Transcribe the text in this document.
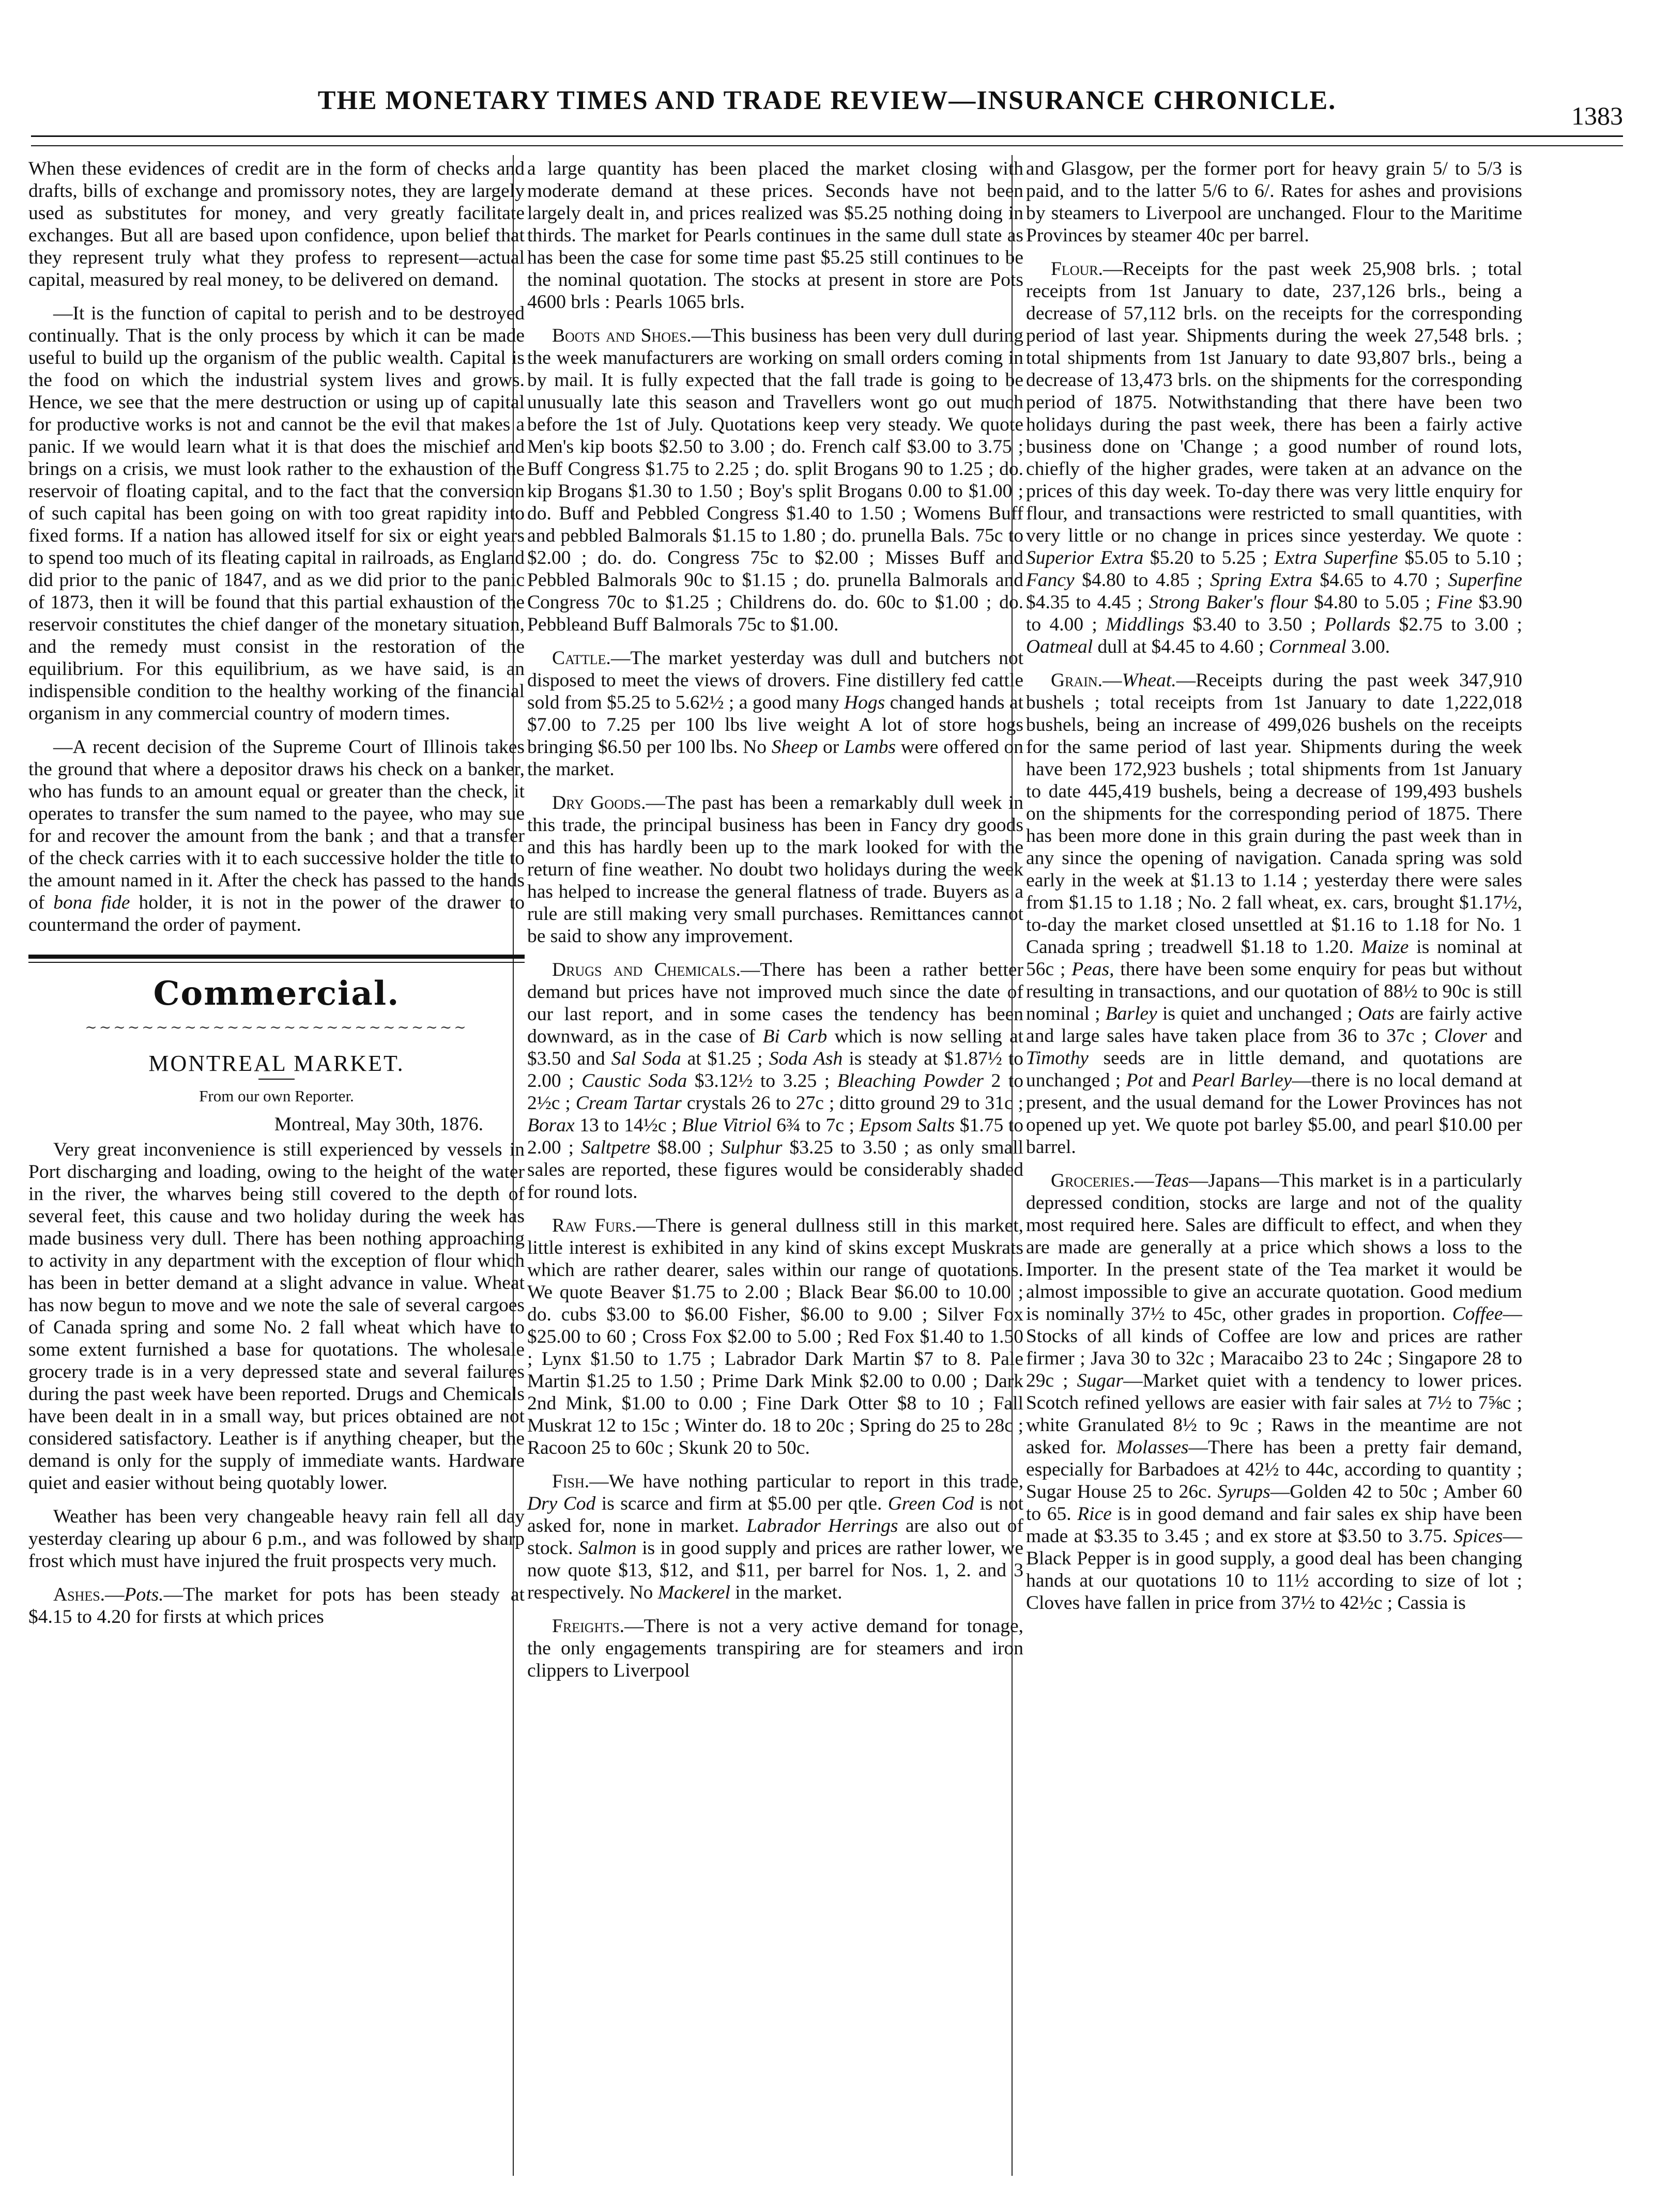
THE MONETARY TIMES AND TRADE REVIEW—INSURANCE CHRONICLE.
1383

When these evidences of credit are in the form of checks and drafts, bills of exchange and promissory notes, they are largely used as substitutes for money, and very greatly facilitate exchanges. But all are based upon confidence, upon belief that they represent truly what they profess to represent—actual capital, measured by real money, to be delivered on demand.

—It is the function of capital to perish and to be destroyed continually. That is the only process by which it can be made useful to build up the organism of the public wealth. Capital is the food on which the industrial system lives and grows. Hence, we see that the mere destruction or using up of capital for productive works is not and cannot be the evil that makes a panic. If we would learn what it is that does the mischief and brings on a crisis, we must look rather to the exhaustion of the reservoir of floating capital, and to the fact that the conversion of such capital has been going on with too great rapidity into fixed forms. If a nation has allowed itself for six or eight years to spend too much of its fleating capital in railroads, as England did prior to the panic of 1847, and as we did prior to the panic of 1873, then it will be found that this partial exhaustion of the reservoir constitutes the chief danger of the monetary situation, and the remedy must consist in the restoration of the equilibrium. For this equilibrium, as we have said, is an indispensible condition to the healthy working of the financial organism in any commercial country of modern times.

—A recent decision of the Supreme Court of Illinois takes the ground that where a depositor draws his check on a banker, who has funds to an amount equal or greater than the check, it operates to transfer the sum named to the payee, who may sue for and recover the amount from the bank ; and that a transfer of the check carries with it to each successive holder the title to the amount named in it. After the check has passed to the hands of bona fide holder, it is not in the power of the drawer to countermand the order of payment.

Commercial.
∼∼∼∼∼∼∼∼∼∼∼∼∼∼∼∼∼∼∼∼∼∼∼∼∼∼∼
MONTREAL MARKET.
From our own Reporter.
Montreal, May 30th, 1876.

Very great inconvenience is still experienced by vessels in Port discharging and loading, owing to the height of the water in the river, the wharves being still covered to the depth of several feet, this cause and two holiday during the week has made business very dull. There has been nothing approaching to activity in any department with the exception of flour which has been in better demand at a slight advance in value. Wheat has now begun to move and we note the sale of several cargoes of Canada spring and some No. 2 fall wheat which have to some extent furnished a base for quotations. The wholesale grocery trade is in a very depressed state and several failures during the past week have been reported. Drugs and Chemicals have been dealt in in a small way, but prices obtained are not considered satisfactory. Leather is if anything cheaper, but the demand is only for the supply of immediate wants. Hardware quiet and easier without being quotably lower.

Weather has been very changeable heavy rain fell all day yesterday clearing up abour 6 p.m., and was followed by sharp frost which must have injured the fruit prospects very much.

Ashes.—Pots.—The market for pots has been steady at $4.15 to 4.20 for firsts at which prices

a large quantity has been placed the market closing with moderate demand at these prices. Seconds have not been largely dealt in, and prices realized was $5.25 nothing doing in thirds. The market for Pearls continues in the same dull state as has been the case for some time past $5.25 still continues to be the nominal quotation. The stocks at present in store are Pots 4600 brls : Pearls 1065 brls.

Boots and Shoes.—This business has been very dull during the week manufacturers are working on small orders coming in by mail. It is fully expected that the fall trade is going to be unusually late this season and Travellers wont go out much before the 1st of July. Quotations keep very steady. We quote Men's kip boots $2.50 to 3.00 ; do. French calf $3.00 to 3.75 ; Buff Congress $1.75 to 2.25 ; do. split Brogans 90 to 1.25 ; do. kip Brogans $1.30 to 1.50 ; Boy's split Brogans 0.00 to $1.00 ; do. Buff and Pebbled Congress $1.40 to 1.50 ; Womens Buff and pebbled Balmorals $1.15 to 1.80 ; do. prunella Bals. 75c to $2.00 ; do. do. Congress 75c to $2.00 ; Misses Buff and Pebbled Balmorals 90c to $1.15 ; do. prunella Balmorals and Congress 70c to $1.25 ; Childrens do. do. 60c to $1.00 ; do. Pebbleand Buff Balmorals 75c to $1.00.

Cattle.—The market yesterday was dull and butchers not disposed to meet the views of drovers. Fine distillery fed cattle sold from $5.25 to 5.62½ ; a good many Hogs changed hands at $7.00 to 7.25 per 100 lbs live weight A lot of store hogs bringing $6.50 per 100 lbs. No Sheep or Lambs were offered on the market.

Dry Goods.—The past has been a remarkably dull week in this trade, the principal business has been in Fancy dry goods and this has hardly been up to the mark looked for with the return of fine weather. No doubt two holidays during the week has helped to increase the general flatness of trade. Buyers as a rule are still making very small purchases. Remittances cannot be said to show any improvement.

Drugs and Chemicals.—There has been a rather better demand but prices have not improved much since the date of our last report, and in some cases the tendency has been downward, as in the case of Bi Carb which is now selling at $3.50 and Sal Soda at $1.25 ; Soda Ash is steady at $1.87½ to 2.00 ; Caustic Soda $3.12½ to 3.25 ; Bleaching Powder 2 to 2½c ; Cream Tartar crystals 26 to 27c ; ditto ground 29 to 31c ; Borax 13 to 14½c ; Blue Vitriol 6¾ to 7c ; Epsom Salts $1.75 to 2.00 ; Saltpetre $8.00 ; Sulphur $3.25 to 3.50 ; as only small sales are reported, these figures would be considerably shaded for round lots.

Raw Furs.—There is general dullness still in this market, little interest is exhibited in any kind of skins except Muskrats which are rather dearer, sales within our range of quotations. We quote Beaver $1.75 to 2.00 ; Black Bear $6.00 to 10.00 ; do. cubs $3.00 to $6.00 Fisher, $6.00 to 9.00 ; Silver Fox $25.00 to 60 ; Cross Fox $2.00 to 5.00 ; Red Fox $1.40 to 1.50 ; Lynx $1.50 to 1.75 ; Labrador Dark Martin $7 to 8. Pale Martin $1.25 to 1.50 ; Prime Dark Mink $2.00 to 0.00 ; Dark 2nd Mink, $1.00 to 0.00 ; Fine Dark Otter $8 to 10 ; Fall Muskrat 12 to 15c ; Winter do. 18 to 20c ; Spring do 25 to 28c ; Racoon 25 to 60c ; Skunk 20 to 50c.

Fish.—We have nothing particular to report in this trade, Dry Cod is scarce and firm at $5.00 per qtle. Green Cod is not asked for, none in market. Labrador Herrings are also out of stock. Salmon is in good supply and prices are rather lower, we now quote $13, $12, and $11, per barrel for Nos. 1, 2. and 3 respectively. No Mackerel in the market.

Freights.—There is not a very active demand for tonage, the only engagements transpiring are for steamers and iron clippers to Liverpool

and Glasgow, per the former port for heavy grain 5/ to 5/3 is paid, and to the latter 5/6 to 6/. Rates for ashes and provisions by steamers to Liverpool are unchanged. Flour to the Maritime Provinces by steamer 40c per barrel.

Flour.—Receipts for the past week 25,908 brls. ; total receipts from 1st January to date, 237,126 brls., being a decrease of 57,112 brls. on the receipts for the corresponding period of last year. Shipments during the week 27,548 brls. ; total shipments from 1st January to date 93,807 brls., being a decrease of 13,473 brls. on the shipments for the corresponding period of 1875. Notwithstanding that there have been two holidays during the past week, there has been a fairly active business done on 'Change ; a good number of round lots, chiefly of the higher grades, were taken at an advance on the prices of this day week. To-day there was very little enquiry for flour, and transactions were restricted to small quantities, with very little or no change in prices since yesterday. We quote : Superior Extra $5.20 to 5.25 ; Extra Superfine $5.05 to 5.10 ; Fancy $4.80 to 4.85 ; Spring Extra $4.65 to 4.70 ; Superfine $4.35 to 4.45 ; Strong Baker's flour $4.80 to 5.05 ; Fine $3.90 to 4.00 ; Middlings $3.40 to 3.50 ; Pollards $2.75 to 3.00 ; Oatmeal dull at $4.45 to 4.60 ; Cornmeal 3.00.

Grain.—Wheat.—Receipts during the past week 347,910 bushels ; total receipts from 1st January to date 1,222,018 bushels, being an increase of 499,026 bushels on the receipts for the same period of last year. Shipments during the week have been 172,923 bushels ; total shipments from 1st January to date 445,419 bushels, being a decrease of 199,493 bushels on the shipments for the corresponding period of 1875. There has been more done in this grain during the past week than in any since the opening of navigation. Canada spring was sold early in the week at $1.13 to 1.14 ; yesterday there were sales from $1.15 to 1.18 ; No. 2 fall wheat, ex. cars, brought $1.17½, to-day the market closed unsettled at $1.16 to 1.18 for No. 1 Canada spring ; treadwell $1.18 to 1.20. Maize is nominal at 56c ; Peas, there have been some enquiry for peas but without resulting in transactions, and our quotation of 88½ to 90c is still nominal ; Barley is quiet and unchanged ; Oats are fairly active and large sales have taken place from 36 to 37c ; Clover and Timothy seeds are in little demand, and quotations are unchanged ; Pot and Pearl Barley—there is no local demand at present, and the usual demand for the Lower Provinces has not opened up yet. We quote pot barley $5.00, and pearl $10.00 per barrel.

Groceries.—Teas—Japans—This market is in a particularly depressed condition, stocks are large and not of the quality most required here. Sales are difficult to effect, and when they are made are generally at a price which shows a loss to the Importer. In the present state of the Tea market it would be almost impossible to give an accurate quotation. Good medium is nominally 37½ to 45c, other grades in proportion. Coffee—Stocks of all kinds of Coffee are low and prices are rather firmer ; Java 30 to 32c ; Maracaibo 23 to 24c ; Singapore 28 to 29c ; Sugar—Market quiet with a tendency to lower prices. Scotch refined yellows are easier with fair sales at 7½ to 7⅝c ; white Granulated 8½ to 9c ; Raws in the meantime are not asked for. Molasses—There has been a pretty fair demand, especially for Barbadoes at 42½ to 44c, according to quantity ; Sugar House 25 to 26c. Syrups—Golden 42 to 50c ; Amber 60 to 65. Rice is in good demand and fair sales ex ship have been made at $3.35 to 3.45 ; and ex store at $3.50 to 3.75. Spices—Black Pepper is in good supply, a good deal has been changing hands at our quotations 10 to 11½ according to size of lot ; Cloves have fallen in price from 37½ to 42½c ; Cassia is
